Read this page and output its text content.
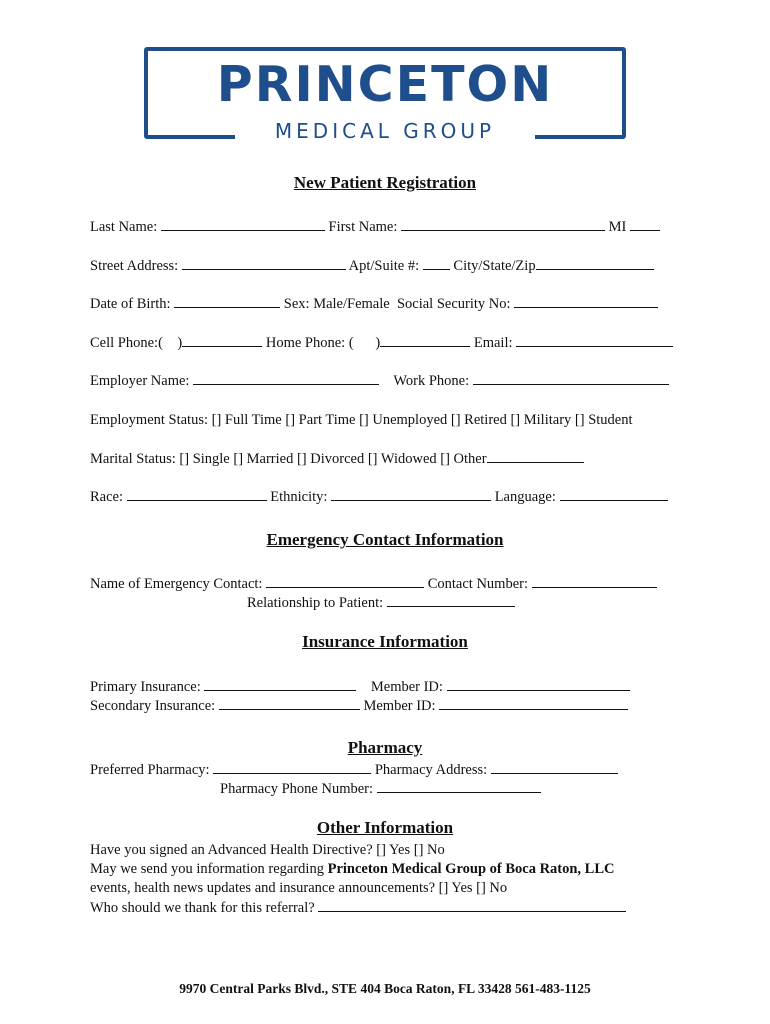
PRINCETON
MEDICAL GROUP
New Patient Registration
Last Name:	First Name:	MI
Street Address:	Apt/Suite #: City/State/Zip
Date of Birth:	Sex: Male/Female Social Security No:
Cell Phone:(    )	Home Phone: (      )	Email:
Employer Name:	Work Phone:
Employment Status: [] Full Time [] Part Time [] Unemployed [] Retired [] Military [] Student
Marital Status: [] Single [] Married [] Divorced [] Widowed [] Other
Race:	Ethnicity:	Language:
Emergency Contact Information
Name of Emergency Contact:	Contact Number:
Relationship to Patient:
Insurance Information
Primary Insurance:	Member ID:
Secondary Insurance:	Member ID:
Pharmacy
Preferred Pharmacy:	Pharmacy Address:
Pharmacy Phone Number:
Other Information
Have you signed an Advanced Health Directive? [] Yes [] No
May we send you information regarding Princeton Medical Group of Boca Raton, LLC
events, health news updates and insurance announcements? [] Yes [] No
Who should we thank for this referral?
9970 Central Parks Blvd., STE 404 Boca Raton, FL 33428 561-483-1125
